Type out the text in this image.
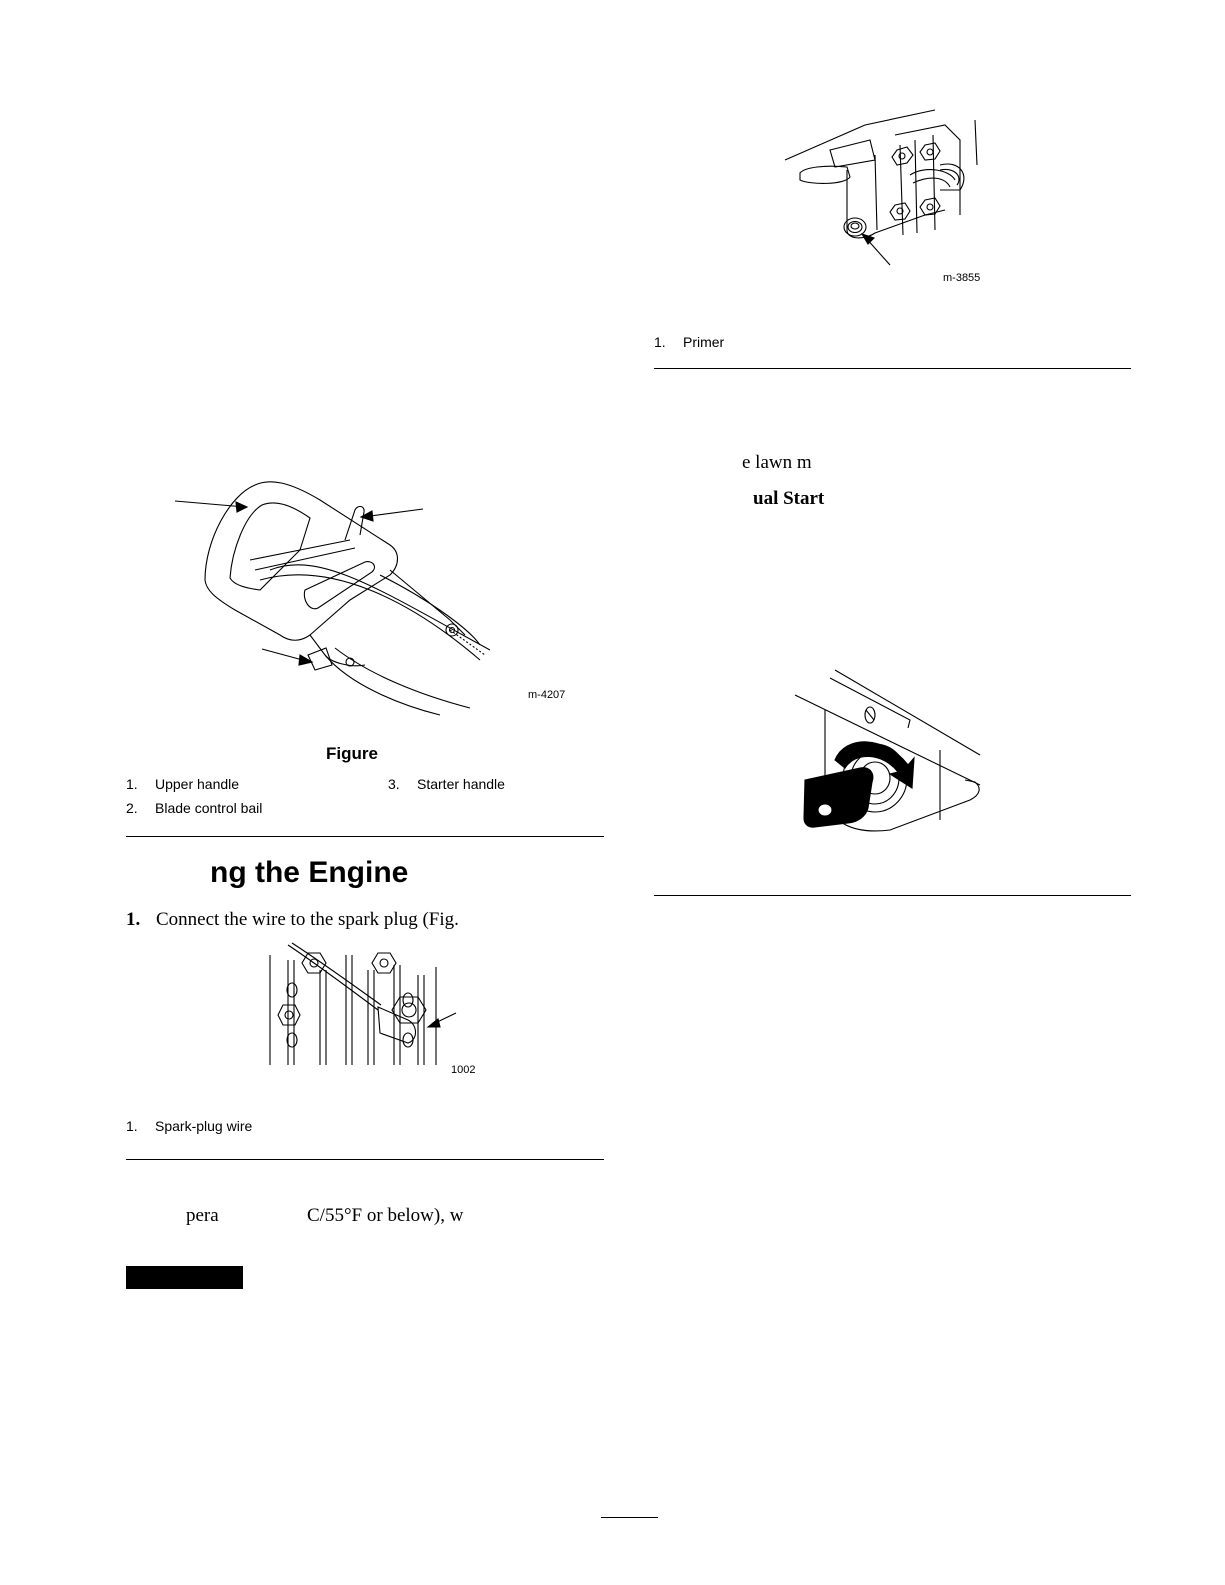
m-4207
Figure
1. Upper handle
2. Blade control bail
3. Starter handle
ng the Engine
1. Connect the wire to the spark plug (Fig.
1002
1. Spark-plug wire
pera	C/55°F or below), w
m-3855
1. Primer
e lawn m
ual Start
